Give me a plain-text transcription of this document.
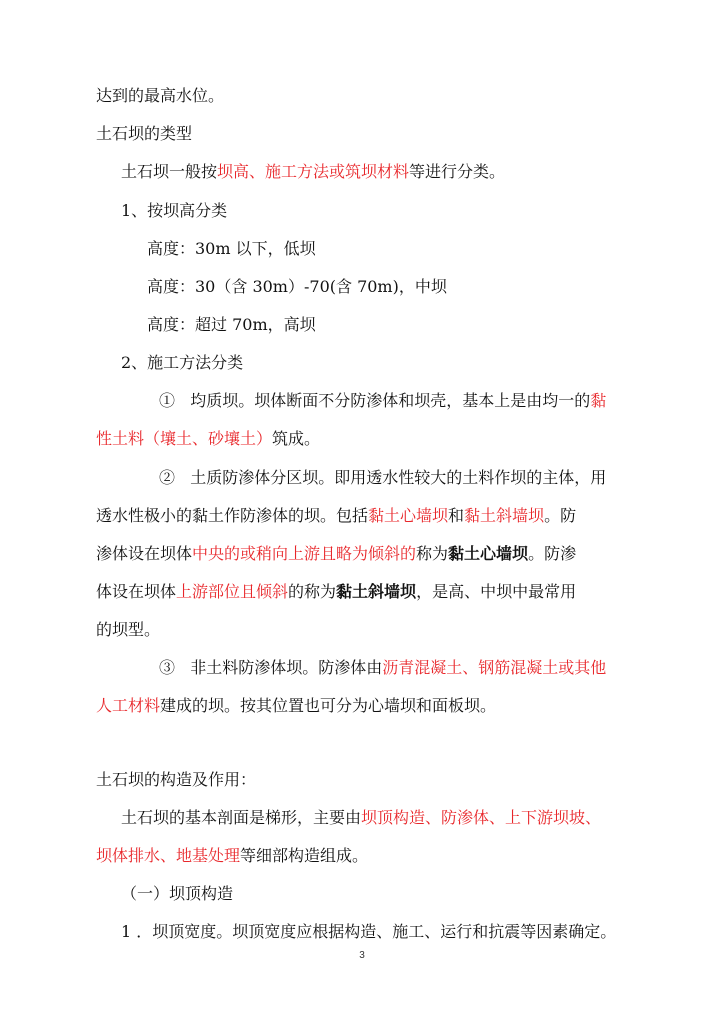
达到的最高水位。
土石坝的类型
土石坝一般按坝高、施工方法或筑坝材料等进行分类。
1、按坝高分类
高度：30m 以下，低坝
高度：30（含 30m）-70(含 70m)，中坝
高度：超过 70m，高坝
2、施工方法分类
① 均质坝。坝体断面不分防渗体和坝壳，基本上是由均一的黏
性土料（壤土、砂壤土）筑成。
② 土质防渗体分区坝。即用透水性较大的土料作坝的主体，用
透水性极小的黏土作防渗体的坝。包括黏土心墙坝和黏土斜墙坝。防
渗体设在坝体中央的或稍向上游且略为倾斜的称为黏土心墙坝。防渗
体设在坝体上游部位且倾斜的称为黏土斜墙坝，是高、中坝中最常用
的坝型。
③ 非土料防渗体坝。防渗体由沥青混凝土、钢筋混凝土或其他
人工材料建成的坝。按其位置也可分为心墙坝和面板坝。
土石坝的构造及作用：
土石坝的基本剖面是梯形，主要由坝顶构造、防渗体、上下游坝坡、
坝体排水、地基处理等细部构造组成。
（一）坝顶构造
1 ．坝顶宽度。坝顶宽度应根据构造、施工、运行和抗震等因素确定。
3
